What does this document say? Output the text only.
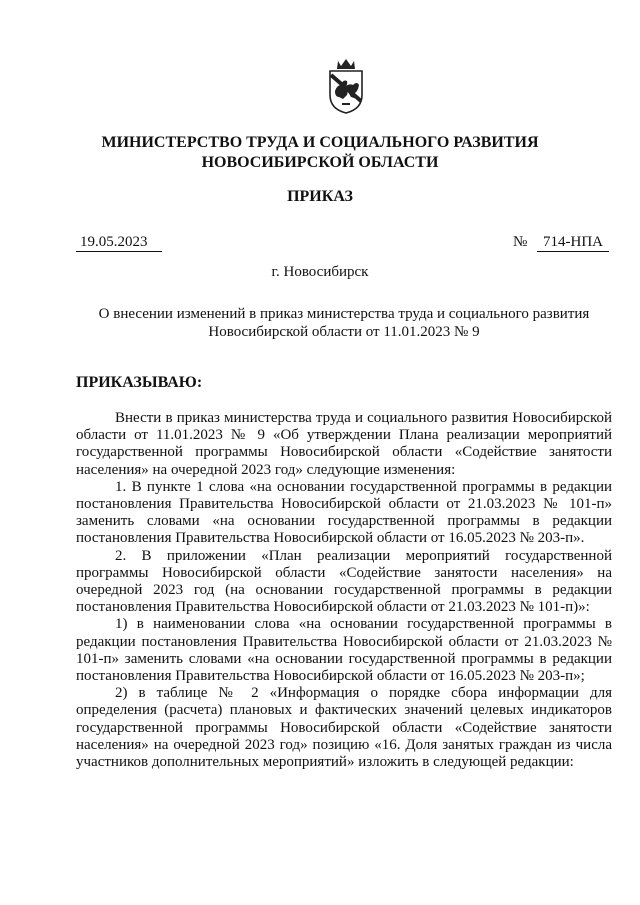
МИНИСТЕРСТВО ТРУДА И СОЦИАЛЬНОГО РАЗВИТИЯ
НОВОСИБИРСКОЙ ОБЛАСТИ
ПРИКАЗ
19.05.2023	№	714-НПА
г. Новосибирск
О внесении изменений в приказ министерства труда и социального развития
Новосибирской области от 11.01.2023 № 9
ПРИКАЗЫВАЮ:

Внести в приказ министерства труда и социального развития Новосибирской области от 11.01.2023 № 9 «Об утверждении Плана реализации мероприятий государственной программы Новосибирской области «Содействие занятости населения» на очередной 2023 год» следующие изменения:

1. В пункте 1 слова «на основании государственной программы в редакции постановления Правительства Новосибирской области от 21.03.2023 № 101-п» заменить словами «на основании государственной программы в редакции постановления Правительства Новосибирской области от 16.05.2023 № 203-п».

2. В приложении «План реализации мероприятий государственной программы Новосибирской области «Содействие занятости населения» на очередной 2023 год (на основании государственной программы в редакции постановления Правительства Новосибирской области от 21.03.2023 № 101-п)»:

1) в наименовании слова «на основании государственной программы в редакции постановления Правительства Новосибирской области от 21.03.2023 № 101-п» заменить словами «на основании государственной программы в редакции постановления Правительства Новосибирской области от 16.05.2023 № 203-п»;

2) в таблице № 2 «Информация о порядке сбора информации для определения (расчета) плановых и фактических значений целевых индикаторов государственной программы Новосибирской области «Содействие занятости населения» на очередной 2023 год» позицию «16. Доля занятых граждан из числа участников дополнительных мероприятий» изложить в следующей редакции:
